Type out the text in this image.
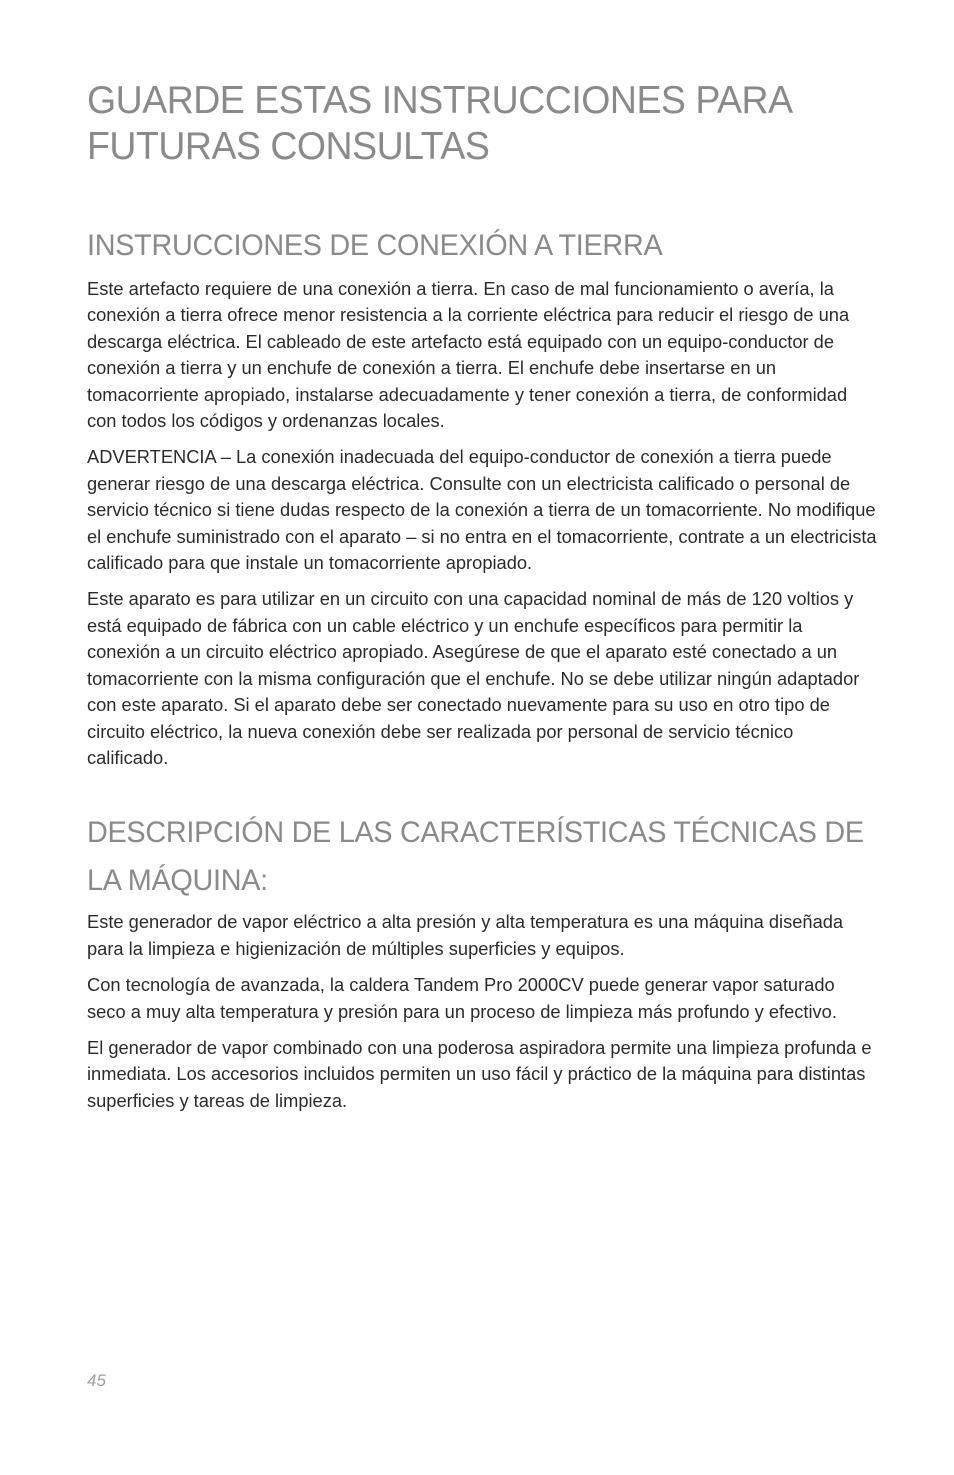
GUARDE ESTAS INSTRUCCIONES PARA FUTURAS CONSULTAS
INSTRUCCIONES DE CONEXIÓN A TIERRA

Este artefacto requiere de una conexión a tierra. En caso de mal funcionamiento o avería, la conexión a tierra ofrece menor resistencia a la corriente eléctrica para reducir el riesgo de una descarga eléctrica. El cableado de este artefacto está equipado con un equipo-conductor de conexión a tierra y un enchufe de conexión a tierra. El enchufe debe insertarse en un tomacorriente apropiado, instalarse adecuadamente y tener conexión a tierra, de conformidad con todos los códigos y ordenanzas locales.

ADVERTENCIA – La conexión inadecuada del equipo-conductor de conexión a tierra puede generar riesgo de una descarga eléctrica. Consulte con un electricista calificado o personal de servicio técnico si tiene dudas respecto de la conexión a tierra de un tomacorriente. No modifique el enchufe suministrado con el aparato – si no entra en el tomacorriente, contrate a un electricista calificado para que instale un tomacorriente apropiado.

Este aparato es para utilizar en un circuito con una capacidad nominal de más de 120 voltios y está equipado de fábrica con un cable eléctrico y un enchufe específicos para permitir la conexión a un circuito eléctrico apropiado. Asegúrese de que el aparato esté conectado a un tomacorriente con la misma configuración que el enchufe. No se debe utilizar ningún adaptador con este aparato. Si el aparato debe ser conectado nuevamente para su uso en otro tipo de circuito eléctrico, la nueva conexión debe ser realizada por personal de servicio técnico calificado.

DESCRIPCIÓN DE LAS CARACTERÍSTICAS TÉCNICAS DE LA MÁQUINA:

Este generador de vapor eléctrico a alta presión y alta temperatura es una máquina diseñada para la limpieza e higienización de múltiples superficies y equipos.

Con tecnología de avanzada, la caldera Tandem Pro 2000CV puede generar vapor saturado seco a muy alta temperatura y presión para un proceso de limpieza más profundo y efectivo.

El generador de vapor combinado con una poderosa aspiradora permite una limpieza profunda e inmediata. Los accesorios incluidos permiten un uso fácil y práctico de la máquina para distintas superficies y tareas de limpieza.

45
